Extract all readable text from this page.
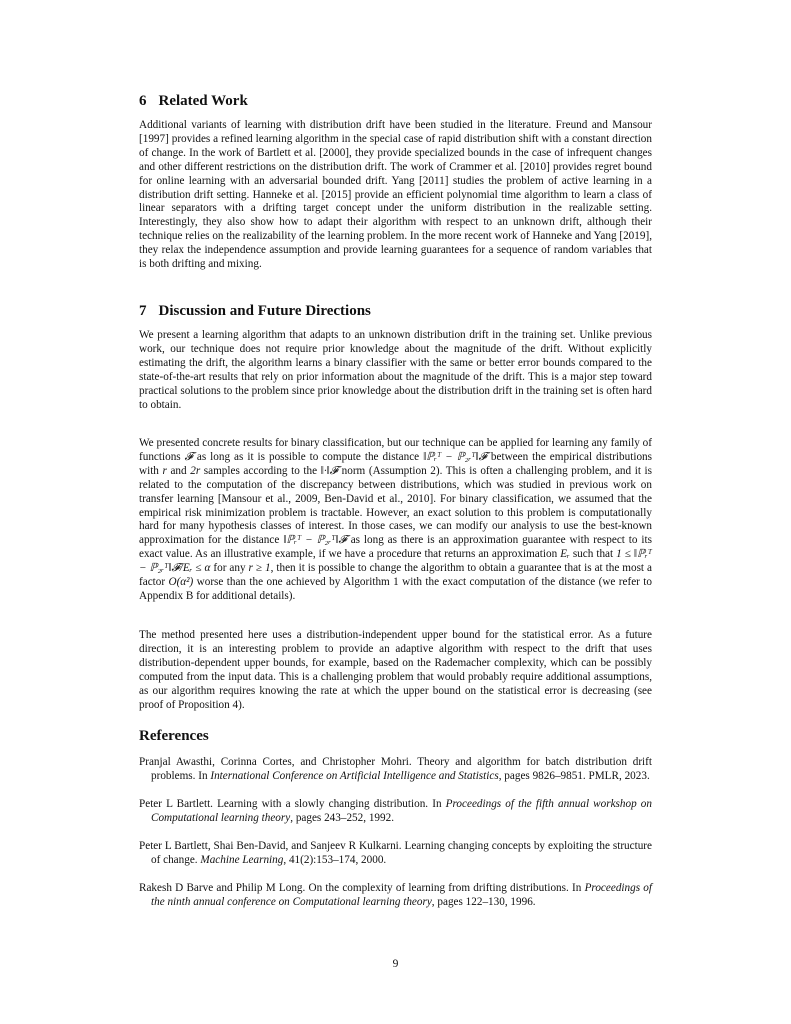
6 Related Work

Additional variants of learning with distribution drift have been studied in the literature. Freund and Mansour [1997] provides a refined learning algorithm in the special case of rapid distribution shift with a constant direction of change. In the work of Bartlett et al. [2000], they provide specialized bounds in the case of infrequent changes and other different restrictions on the distribution drift. The work of Crammer et al. [2010] provides regret bound for online learning with an adversarial bounded drift. Yang [2011] studies the problem of active learning in a distribution drift setting. Hanneke et al. [2015] provide an efficient polynomial time algorithm to learn a class of linear separators with a drifting target concept under the uniform distribution in the realizable setting. Interestingly, they also show how to adapt their algorithm with respect to an unknown drift, although their technique relies on the realizability of the learning problem. In the more recent work of Hanneke and Yang [2019], they relax the independence assumption and provide learning guarantees for a sequence of random variables that is both drifting and mixing.

7 Discussion and Future Directions

We present a learning algorithm that adapts to an unknown distribution drift in the training set. Unlike previous work, our technique does not require prior knowledge about the magnitude of the drift. Without explicitly estimating the drift, the algorithm learns a binary classifier with the same or better error bounds compared to the state-of-the-art results that rely on prior information about the magnitude of the drift. This is a major step toward practical solutions to the problem since prior knowledge about the distribution drift in the training set is often hard to obtain.

We presented concrete results for binary classification, but our technique can be applied for learning any family of functions 𝓕 as long as it is possible to compute the distance ‖ℙᵣᵀ − ℙ₂ᵣᵀ‖𝓕 between the empirical distributions with r and 2r samples according to the ‖·‖𝓕 norm (Assumption 2). This is often a challenging problem, and it is related to the computation of the discrepancy between distributions, which was studied in previous work on transfer learning [Mansour et al., 2009, Ben-David et al., 2010]. For binary classification, we assumed that the empirical risk minimization problem is tractable. However, an exact solution to this problem is computationally hard for many hypothesis classes of interest. In those cases, we can modify our analysis to use the best-known approximation for the distance ‖ℙᵣᵀ − ℙ₂ᵣᵀ‖𝓕 as long as there is an approximation guarantee with respect to its exact value. As an illustrative example, if we have a procedure that returns an approximation Eᵣ such that 1 ≤ ‖ℙᵣᵀ − ℙ₂ᵣᵀ‖𝓕/Eᵣ ≤ α for any r ≥ 1, then it is possible to change the algorithm to obtain a guarantee that is at the most a factor O(α²) worse than the one achieved by Algorithm 1 with the exact computation of the distance (we refer to Appendix B for additional details).

The method presented here uses a distribution-independent upper bound for the statistical error. As a future direction, it is an interesting problem to provide an adaptive algorithm with respect to the drift that uses distribution-dependent upper bounds, for example, based on the Rademacher complexity, which can be possibly computed from the input data. This is a challenging problem that would probably require additional assumptions, as our algorithm requires knowing the rate at which the upper bound on the statistical error is decreasing (see proof of Proposition 4).

References
Pranjal Awasthi, Corinna Cortes, and Christopher Mohri. Theory and algorithm for batch distribution drift problems. In International Conference on Artificial Intelligence and Statistics, pages 9826–9851. PMLR, 2023.
Peter L Bartlett. Learning with a slowly changing distribution. In Proceedings of the fifth annual workshop on Computational learning theory, pages 243–252, 1992.
Peter L Bartlett, Shai Ben-David, and Sanjeev R Kulkarni. Learning changing concepts by exploiting the structure of change. Machine Learning, 41(2):153–174, 2000.
Rakesh D Barve and Philip M Long. On the complexity of learning from drifting distributions. In Proceedings of the ninth annual conference on Computational learning theory, pages 122–130, 1996.
9
